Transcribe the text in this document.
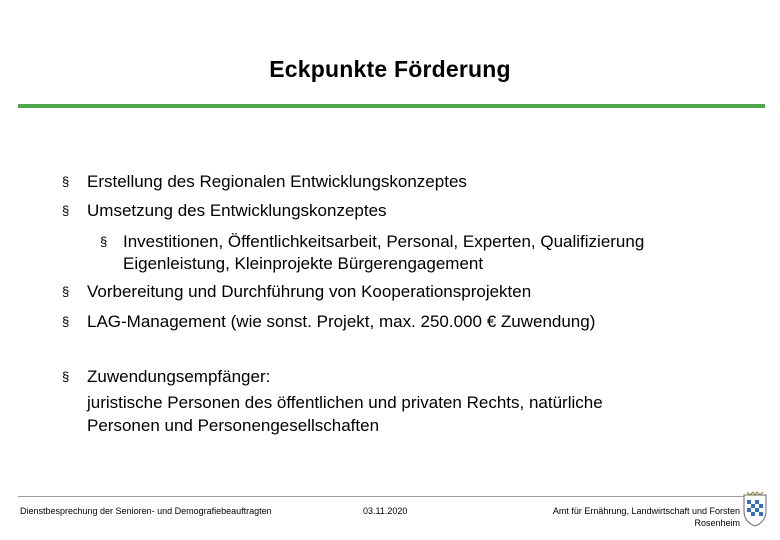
Eckpunkte Förderung
§ Erstellung des Regionalen Entwicklungskonzeptes
§ Umsetzung des Entwicklungskonzeptes
§ Investitionen, Öffentlichkeitsarbeit, Personal, Experten, Qualifizierung
Eigenleistung, Kleinprojekte Bürgerengagement
§ Vorbereitung und Durchführung von Kooperationsprojekten
§ LAG-Management (wie sonst. Projekt, max. 250.000 € Zuwendung)
§ Zuwendungsempfänger:
juristische Personen des öffentlichen und privaten Rechts, natürliche
Personen und Personengesellschaften
Dienstbesprechung der Senioren- und Demografiebeauftragten	03.11.2020	Amt für Ernährung, Landwirtschaft und Forsten
Rosenheim
